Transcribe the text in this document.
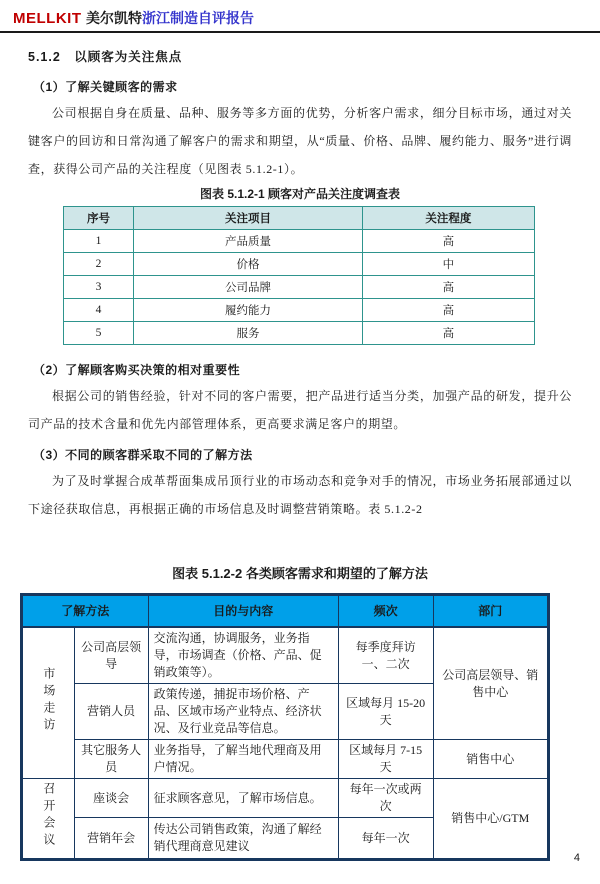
MELLKIT 美尔凯特浙江制造自评报告
5.1.2　以顾客为关注焦点
（1）了解关键顾客的需求

公司根据自身在质量、品种、服务等多方面的优势，分析客户需求，细分目标市场，通过对关键客户的回访和日常沟通了解客户的需求和期望，从“质量、价格、品牌、履约能力、服务”进行调查，获得公司产品的关注程度（见图表 5.1.2-1）。

图表 5.1.2-1 顾客对产品关注度调查表
序号	关注项目	关注程度
1	产品质量	高
2	价格	中
3	公司品牌	高
4	履约能力	高
5	服务	高
（2）了解顾客购买决策的相对重要性

根据公司的销售经验，针对不同的客户需要，把产品进行适当分类，加强产品的研发，提升公司产品的技术含量和优先内部管理体系，更高要求满足客户的期望。

（3）不同的顾客群采取不同的了解方法

为了及时掌握合成革帮面集成吊顶行业的市场动态和竞争对手的情况，市场业务拓展部通过以下途径获取信息，再根据正确的市场信息及时调整营销策略。表 5.1.2-2

图表 5.1.2-2 各类顾客需求和期望的了解方法
了解方法		目的与内容	频次	部门
市场走访	公司高层领导	交流沟通，协调服务，业务指导，市场调查（价格、产品、促销政策等）。	每季度拜访一、二次	公司高层领导、销售中心
	营销人员	政策传递，捕捉市场价格、产品、区域市场产业特点、经济状况、及行业竞品等信息。	区域每月 15-20 天	
	其它服务人员	业务指导，了解当地代理商及用户情况。	区域每月 7-15 天	销售中心
召开会议	座谈会	征求顾客意见，了解市场信息。	每年一次或两次	销售中心/GTM
	营销年会	传达公司销售政策，沟通了解经销代理商意见建议	每年一次	
4
